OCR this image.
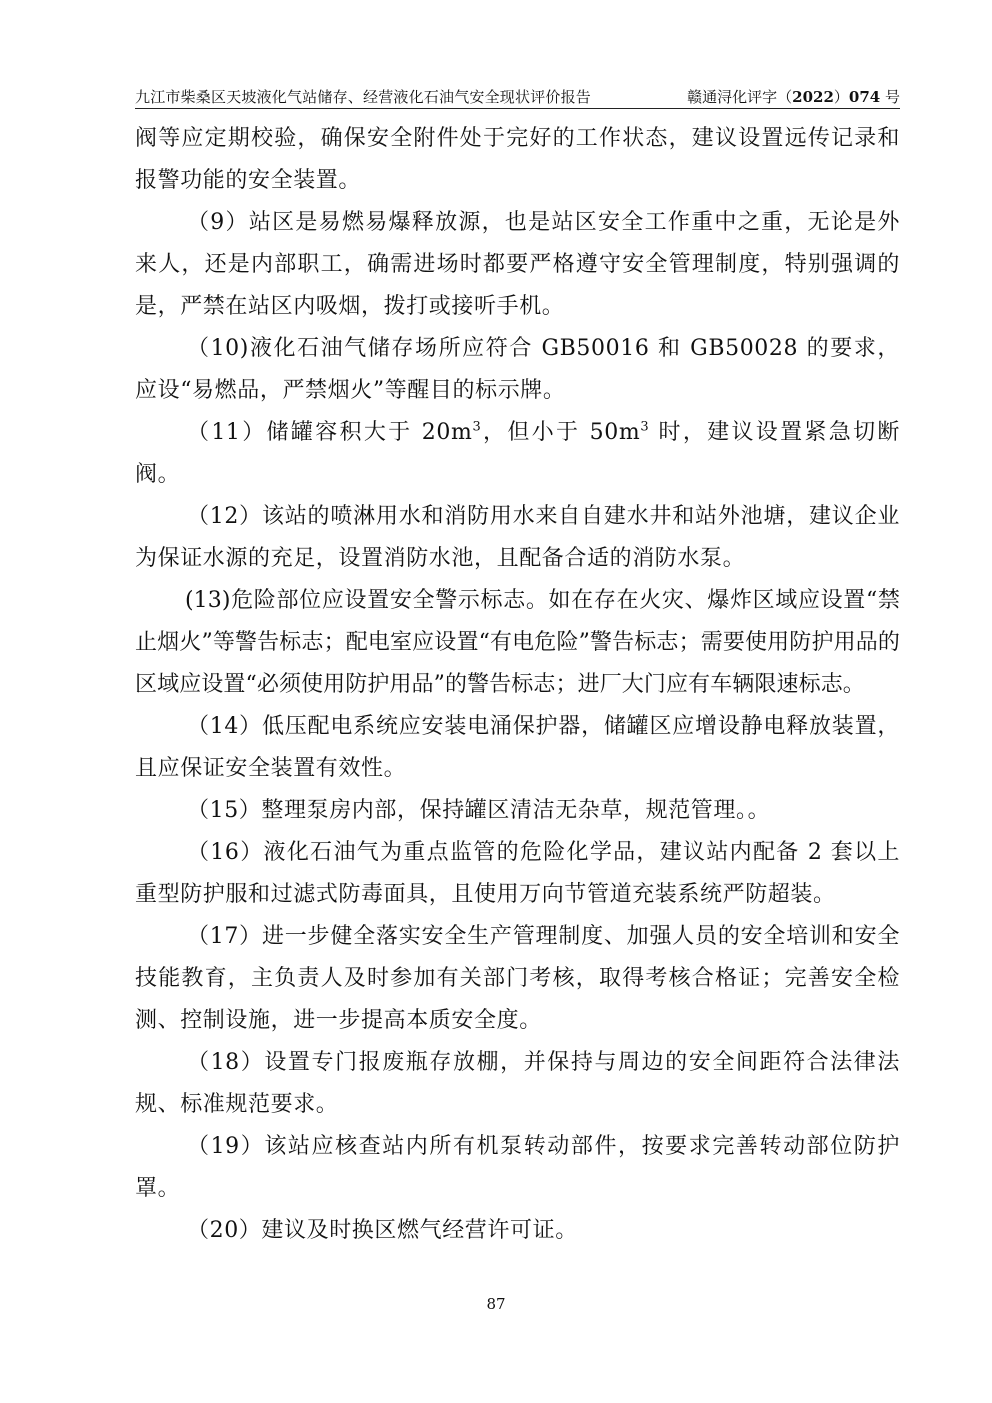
九江市柴桑区天坡液化气站储存、经营液化石油气安全现状评价报告	赣通浔化评字（2022）074 号

阀等应定期校验，确保安全附件处于完好的工作状态，建议设置远传记录和报警功能的安全装置。

（9）站区是易燃易爆释放源，也是站区安全工作重中之重，无论是外来人，还是内部职工，确需进场时都要严格遵守安全管理制度，特别强调的是，严禁在站区内吸烟，拨打或接听手机。

（10)液化石油气储存场所应符合 GB50016 和 GB50028 的要求，应设“易燃品，严禁烟火”等醒目的标示牌。

（11）储罐容积大于 $20m^3$，但小于 $50m^3$ 时，建议设置紧急切断阀。

（12）该站的喷淋用水和消防用水来自自建水井和站外池塘，建议企业为保证水源的充足，设置消防水池，且配备合适的消防水泵。

(13)危险部位应设置安全警示标志。如在存在火灾、爆炸区域应设置“禁止烟火”等警告标志；配电室应设置“有电危险”警告标志；需要使用防护用品的区域应设置“必须使用防护用品”的警告标志；进厂大门应有车辆限速标志。

（14）低压配电系统应安装电涌保护器，储罐区应增设静电释放装置，且应保证安全装置有效性。

（15）整理泵房内部，保持罐区清洁无杂草，规范管理。。

（16）液化石油气为重点监管的危险化学品，建议站内配备 2 套以上重型防护服和过滤式防毒面具，且使用万向节管道充装系统严防超装。

（17）进一步健全落实安全生产管理制度、加强人员的安全培训和安全技能教育，主负责人及时参加有关部门考核，取得考核合格证；完善安全检测、控制设施，进一步提高本质安全度。

（18）设置专门报废瓶存放棚，并保持与周边的安全间距符合法律法规、标准规范要求。

（19）该站应核查站内所有机泵转动部件，按要求完善转动部位防护罩。

（20）建议及时换区燃气经营许可证。

87
